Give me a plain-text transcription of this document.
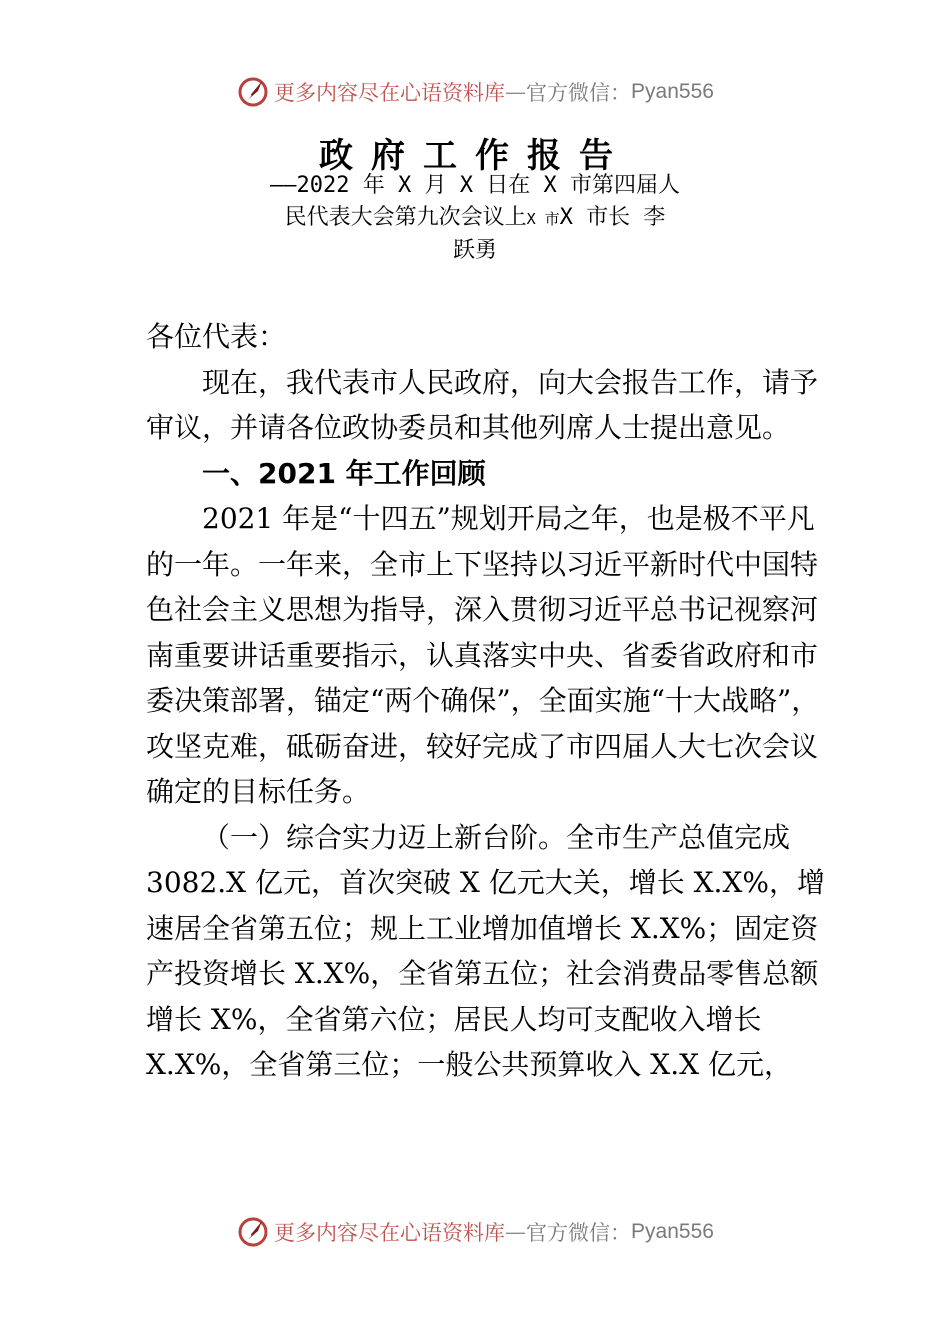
更多内容尽在心语资料库 — 官方微信： Pyan556
政府工作报告
——2022 年 X 月 X 日在 X 市第四届人
民代表大会第九次会议上X 市X 市长 李
跃勇

各位代表：

现在，我代表市人民政府，向大会报告工作，请予审议，并请各位政协委员和其他列席人士提出意见。

一、2021 年工作回顾

2021 年是“十四五”规划开局之年，也是极不平凡的一年。一年来，全市上下坚持以习近平新时代中国特色社会主义思想为指导，深入贯彻习近平总书记视察河南重要讲话重要指示，认真落实中央、省委省政府和市委决策部署，锚定“两个确保”，全面实施“十大战略”，攻坚克难，砥砺奋进，较好完成了市四届人大七次会议确定的目标任务。

（一）综合实力迈上新台阶。全市生产总值完成 3082.X 亿元，首次突破 X 亿元大关，增长 X.X%，增速居全省第五位；规上工业增加值增长 X.X%；固定资产投资增长 X.X%，全省第五位；社会消费品零售总额增长 X%，全省第六位；居民人均可支配收入增长 X.X%，全省第三位；一般公共预算收入 X.X 亿元，

更多内容尽在心语资料库 — 官方微信： Pyan556
